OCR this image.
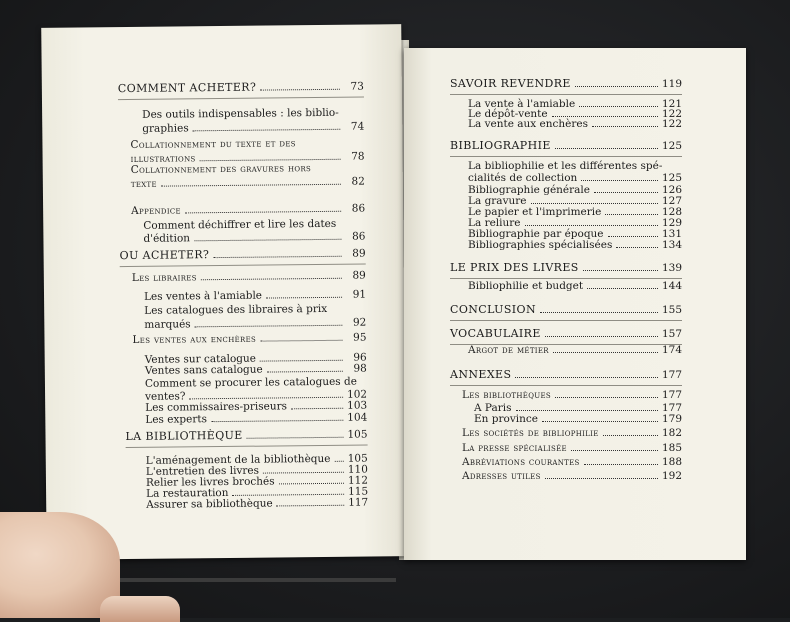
COMMENT ACHETER?	73
Des outils indispensables : les biblio-
graphies	74
Collationnement du texte et des
illustrations	78
Collationnement des gravures hors
texte	82
Appendice	86
Comment déchiffrer et lire les dates
d'édition	86
OU ACHETER?	89
Les libraires	89
Les ventes à l'amiable	91
Les catalogues des libraires à prix
marqués	92
Les ventes aux enchères	95
Ventes sur catalogue	96
Ventes sans catalogue	98
Comment se procurer les catalogues de
ventes?	102
Les commissaires-priseurs	103
Les experts	104
LA BIBLIOTHÈQUE	105
L'aménagement de la bibliothèque 105
L'entretien des livres	110
Relier les livres brochés	112
La restauration	115
Assurer sa bibliothèque	117
SAVOIR REVENDRE	119
La vente à l'amiable	121
Le dépôt-vente	122
La vente aux enchères	122
BIBLIOGRAPHIE	125
La bibliophilie et les différentes spé-
cialités de collection	125
Bibliographie générale	126
La gravure	127
Le papier et l'imprimerie	128
La reliure	129
Bibliographie par époque	131
Bibliographies spécialisées	134
LE PRIX DES LIVRES	139
Bibliophilie et budget	144
CONCLUSION	155
VOCABULAIRE	157
Argot de métier	174
ANNEXES	177
Les bibliothèques	177
A Paris	177
En province	179
Les sociétés de bibliophilie	182
La presse spécialisée	185
Abréviations courantes	188
Adresses utiles	192
